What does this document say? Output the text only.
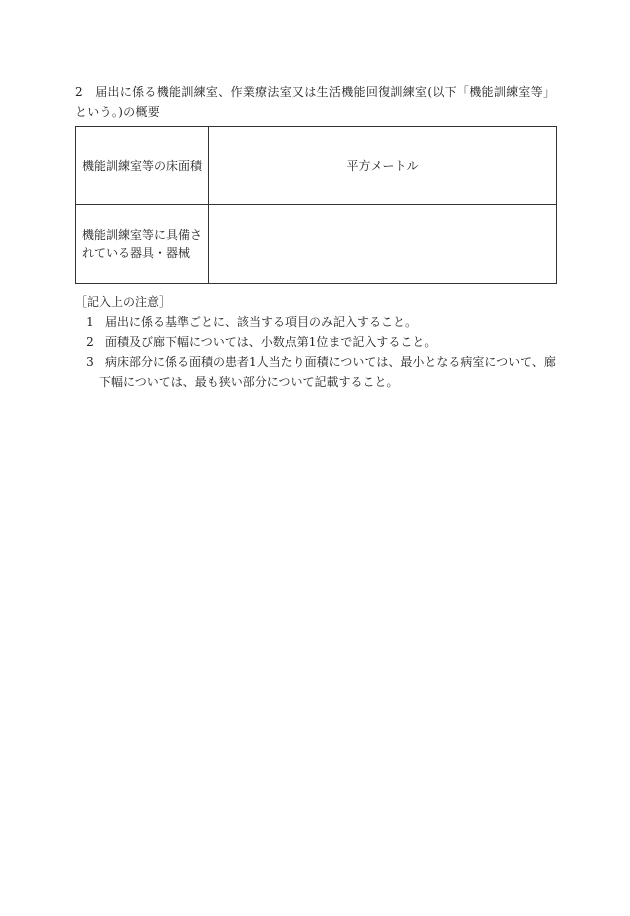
2　届出に係る機能訓練室、作業療法室又は生活機能回復訓練室(以下「機能訓練室等」という。)の概要
機能訓練室等の床面積	平方メートル
機能訓練室等に具備されている器具・器械	
［記入上の注意］
1 届出に係る基準ごとに、該当する項目のみ記入すること。
2 面積及び廊下幅については、小数点第1位まで記入すること。
3 病床部分に係る面積の患者1人当たり面積については、最小となる病室について、廊
下幅については、最も狭い部分について記載すること。
